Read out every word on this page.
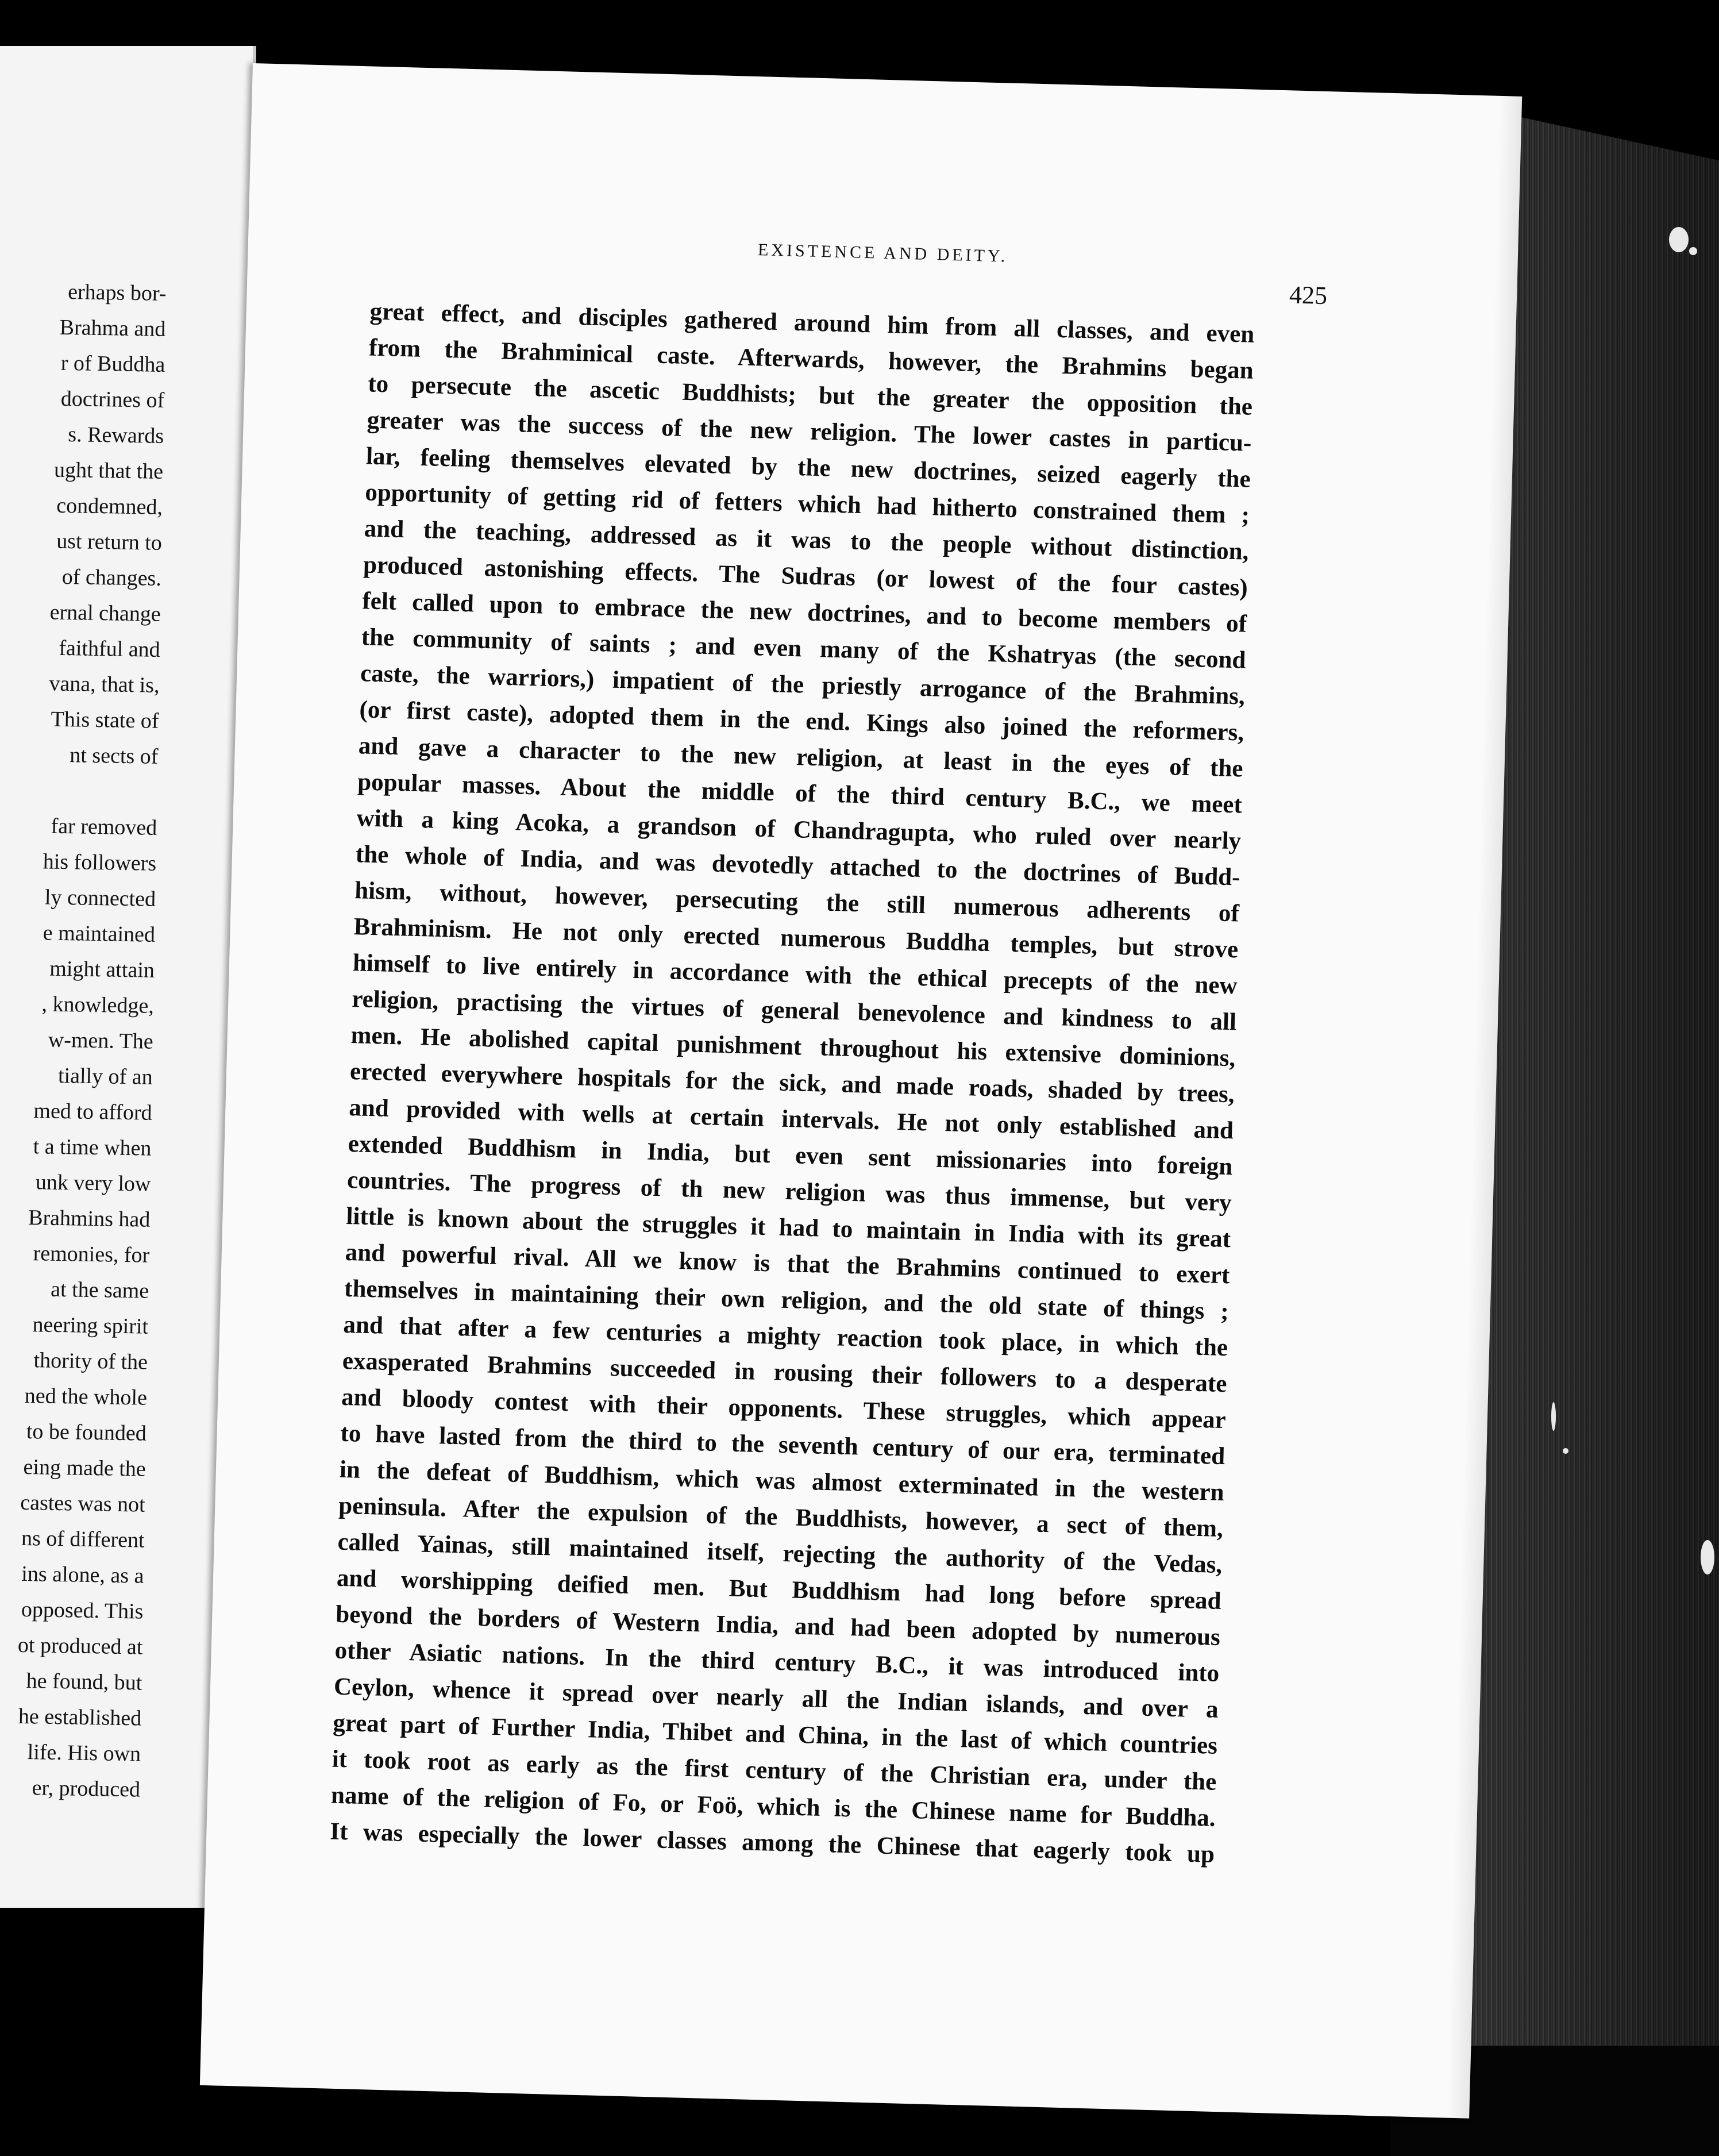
erhaps bor-
Brahma and
r of Buddha
doctrines of
s. Rewards
ught that the
condemned,
ust return to
of changes.
ernal change
faithful and
vana, that is,
This state of
nt sects of
far removed
his followers
ly connected
e maintained
might attain
, knowledge,
w-men. The
tially of an
med to afford
t a time when
unk very low
Brahmins had
remonies, for
at the same
neering spirit
thority of the
ned the whole
to be founded
eing made the
castes was not
ns of different
ins alone, as a
opposed. This
ot produced at
he found, but
he established
life. His own
er, produced
EXISTENCE AND DEITY.
425
great effect, and disciples gathered around him from all classes, and even
from the Brahminical caste. Afterwards, however, the Brahmins began
to persecute the ascetic Buddhists; but the greater the opposition the
greater was the success of the new religion. The lower castes in particu-
lar, feeling themselves elevated by the new doctrines, seized eagerly the
opportunity of getting rid of fetters which had hitherto constrained them ;
and the teaching, addressed as it was to the people without distinction,
produced astonishing effects. The Sudras (or lowest of the four castes)
felt called upon to embrace the new doctrines, and to become members of
the community of saints ; and even many of the Kshatryas (the second
caste, the warriors,) impatient of the priestly arrogance of the Brahmins,
(or first caste), adopted them in the end. Kings also joined the reformers,
and gave a character to the new religion, at least in the eyes of the
popular masses. About the middle of the third century B.C., we meet
with a king Acoka, a grandson of Chandragupta, who ruled over nearly
the whole of India, and was devotedly attached to the doctrines of Budd-
hism, without, however, persecuting the still numerous adherents of
Brahminism. He not only erected numerous Buddha temples, but strove
himself to live entirely in accordance with the ethical precepts of the new
religion, practising the virtues of general benevolence and kindness to all
men. He abolished capital punishment throughout his extensive dominions,
erected everywhere hospitals for the sick, and made roads, shaded by trees,
and provided with wells at certain intervals. He not only established and
extended Buddhism in India, but even sent missionaries into foreign
countries. The progress of th new religion was thus immense, but very
little is known about the struggles it had to maintain in India with its great
and powerful rival. All we know is that the Brahmins continued to exert
themselves in maintaining their own religion, and the old state of things ;
and that after a few centuries a mighty reaction took place, in which the
exasperated Brahmins succeeded in rousing their followers to a desperate
and bloody contest with their opponents. These struggles, which appear
to have lasted from the third to the seventh century of our era, terminated
in the defeat of Buddhism, which was almost exterminated in the western
peninsula. After the expulsion of the Buddhists, however, a sect of them,
called Yainas, still maintained itself, rejecting the authority of the Vedas,
and worshipping deified men. But Buddhism had long before spread
beyond the borders of Western India, and had been adopted by numerous
other Asiatic nations. In the third century B.C., it was introduced into
Ceylon, whence it spread over nearly all the Indian islands, and over a
great part of Further India, Thibet and China, in the last of which countries
it took root as early as the first century of the Christian era, under the
name of the religion of Fo, or Foö, which is the Chinese name for Buddha.
It was especially the lower classes among the Chinese that eagerly took up
